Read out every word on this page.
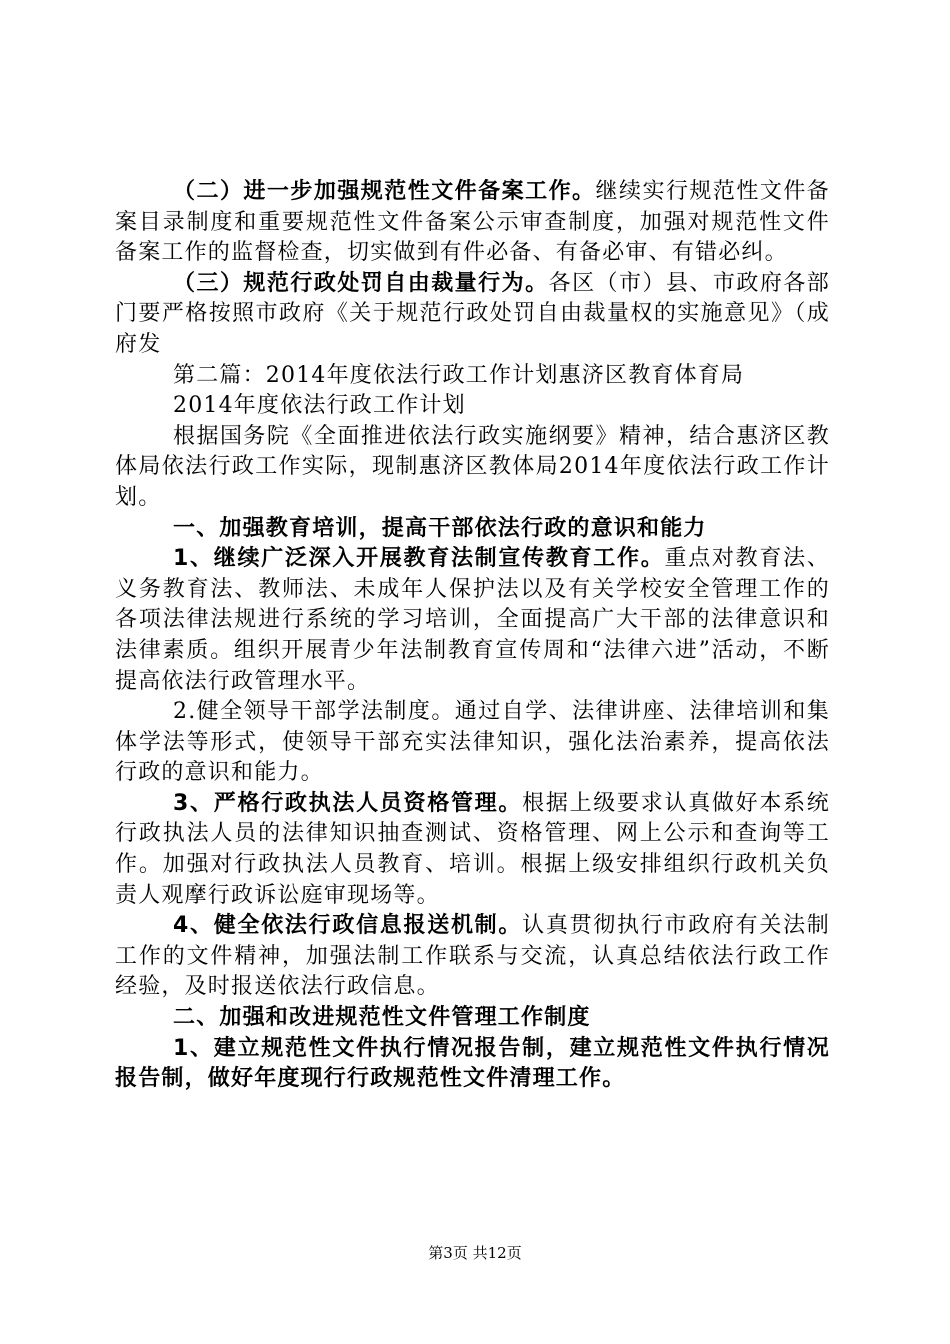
（二）进一步加强规范性文件备案工作。继续实行规范性文件备案目录制度和重要规范性文件备案公示审查制度，加强对规范性文件备案工作的监督检查，切实做到有件必备、有备必审、有错必纠。

（三）规范行政处罚自由裁量行为。各区（市）县、市政府各部门要严格按照市政府《关于规范行政处罚自由裁量权的实施意见》（成府发

第二篇：2014年度依法行政工作计划惠济区教育体育局

2014年度依法行政工作计划

根据国务院《全面推进依法行政实施纲要》精神，结合惠济区教体局依法行政工作实际，现制惠济区教体局2014年度依法行政工作计划。

一、加强教育培训，提高干部依法行政的意识和能力

1、继续广泛深入开展教育法制宣传教育工作。重点对教育法、义务教育法、教师法、未成年人保护法以及有关学校安全管理工作的各项法律法规进行系统的学习培训，全面提高广大干部的法律意识和法律素质。组织开展青少年法制教育宣传周和“法律六进”活动，不断提高依法行政管理水平。

2.健全领导干部学法制度。通过自学、法律讲座、法律培训和集体学法等形式，使领导干部充实法律知识，强化法治素养，提高依法行政的意识和能力。

3、严格行政执法人员资格管理。根据上级要求认真做好本系统行政执法人员的法律知识抽查测试、资格管理、网上公示和查询等工作。加强对行政执法人员教育、培训。根据上级安排组织行政机关负责人观摩行政诉讼庭审现场等。

4、健全依法行政信息报送机制。认真贯彻执行市政府有关法制工作的文件精神，加强法制工作联系与交流，认真总结依法行政工作经验，及时报送依法行政信息。

二、加强和改进规范性文件管理工作制度

1、建立规范性文件执行情况报告制，建立规范性文件执行情况报告制，做好年度现行行政规范性文件清理工作。

第3页 共12页
